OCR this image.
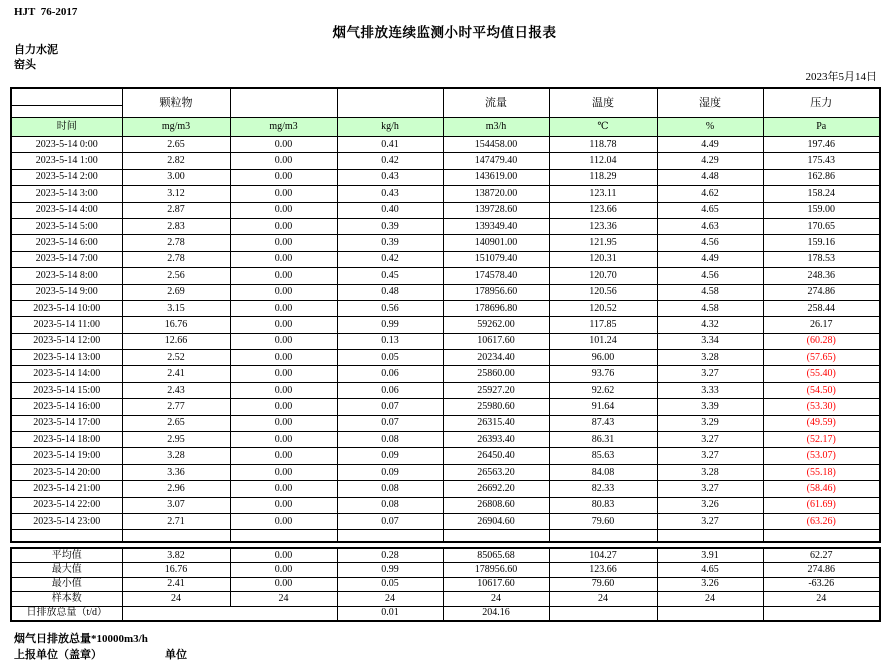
HJT  76-2017
烟气排放连续监测小时平均值日报表
自力水泥
窑头
2023年5月14日
	颗粒物			流量	温度	湿度	压力

时间	mg/m3	mg/m3	kg/h	m3/h	℃	%	Pa
2023-5-14 0:00	2.65	0.00	0.41	154458.00	118.78	4.49	197.46
2023-5-14 1:00	2.82	0.00	0.42	147479.40	112.04	4.29	175.43
2023-5-14 2:00	3.00	0.00	0.43	143619.00	118.29	4.48	162.86
2023-5-14 3:00	3.12	0.00	0.43	138720.00	123.11	4.62	158.24
2023-5-14 4:00	2.87	0.00	0.40	139728.60	123.66	4.65	159.00
2023-5-14 5:00	2.83	0.00	0.39	139349.40	123.36	4.63	170.65
2023-5-14 6:00	2.78	0.00	0.39	140901.00	121.95	4.56	159.16
2023-5-14 7:00	2.78	0.00	0.42	151079.40	120.31	4.49	178.53
2023-5-14 8:00	2.56	0.00	0.45	174578.40	120.70	4.56	248.36
2023-5-14 9:00	2.69	0.00	0.48	178956.60	120.56	4.58	274.86
2023-5-14 10:00	3.15	0.00	0.56	178696.80	120.52	4.58	258.44
2023-5-14 11:00	16.76	0.00	0.99	59262.00	117.85	4.32	26.17
2023-5-14 12:00	12.66	0.00	0.13	10617.60	101.24	3.34	(60.28)
2023-5-14 13:00	2.52	0.00	0.05	20234.40	96.00	3.28	(57.65)
2023-5-14 14:00	2.41	0.00	0.06	25860.00	93.76	3.27	(55.40)
2023-5-14 15:00	2.43	0.00	0.06	25927.20	92.62	3.33	(54.50)
2023-5-14 16:00	2.77	0.00	0.07	25980.60	91.64	3.39	(53.30)
2023-5-14 17:00	2.65	0.00	0.07	26315.40	87.43	3.29	(49.59)
2023-5-14 18:00	2.95	0.00	0.08	26393.40	86.31	3.27	(52.17)
2023-5-14 19:00	3.28	0.00	0.09	26450.40	85.63	3.27	(53.07)
2023-5-14 20:00	3.36	0.00	0.09	26563.20	84.08	3.28	(55.18)
2023-5-14 21:00	2.96	0.00	0.08	26692.20	82.33	3.27	(58.46)
2023-5-14 22:00	3.07	0.00	0.08	26808.60	80.83	3.26	(61.69)
2023-5-14 23:00	2.71	0.00	0.07	26904.60	79.60	3.27	(63.26)

平均值	3.82	0.00	0.28	85065.68	104.27	3.91	62.27
最大值	16.76	0.00	0.99	178956.60	123.66	4.65	274.86
最小值	2.41	0.00	0.05	10617.60	79.60	3.26	-63.26
样本数	24	24	24	24	24	24	24
日排放总量（t/d）			0.01	204.16			
烟气日排放总量*10000m3/h
上报单位（盖章）	单位
